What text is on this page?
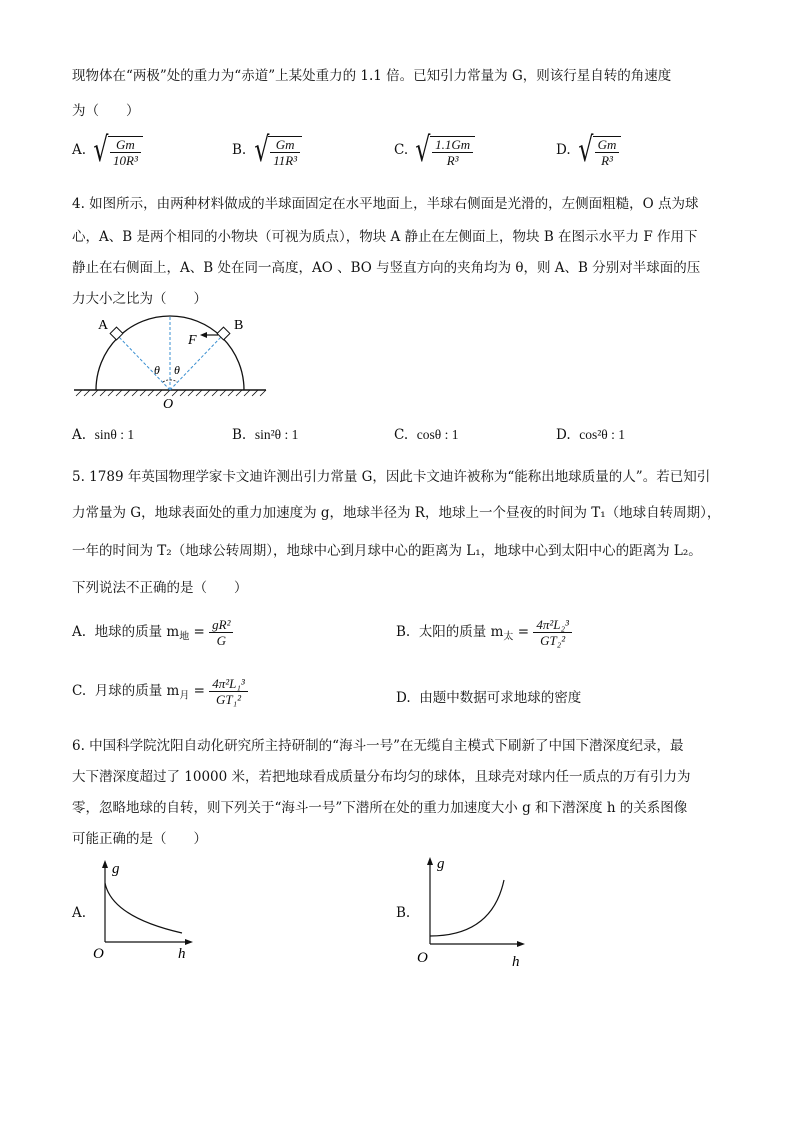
现物体在“两极”处的重力为“赤道”上某处重力的 1.1 倍。已知引力常量为 G，则该行星自转的角速度
为（　　）
A. √ $\frac{Gm}{\text{10R³}}$	B. √ $\frac{Gm}{\text{11R³}}$	C. √ $\frac{1.1Gm}{\text{R³}}$	D. √ $\frac{Gm}{\text{R³}}$
4. 如图所示，由两种材料做成的半球面固定在水平地面上，半球右侧面是光滑的，左侧面粗糙，O 点为球
心，A、B 是两个相同的小物块（可视为质点），物块 A 静止在左侧面上，物块 B 在图示水平力 F 作用下
静止在右侧面上，A、B 处在同一高度，AO 、BO 与竖直方向的夹角均为 θ，则 A、B 分别对半球面的压
力大小之比为（　　）
A	B
F
θ θ
O
A. sinθ : 1	B. sin²θ : 1	C. cosθ : 1	D. cos²θ : 1
5. 1789 年英国物理学家卡文迪许测出引力常量 G，因此卡文迪许被称为“能称出地球质量的人”。若已知引
力常量为 G，地球表面处的重力加速度为 g，地球半径为 R，地球上一个昼夜的时间为 T₁（地球自转周期），
一年的时间为 T₂（地球公转周期），地球中心到月球中心的距离为 L₁，地球中心到太阳中心的距离为 L₂。
下列说法不正确的是（　　）
A. 地球的质量 $m_地 = \frac{\text{gR²}}{G}$	B. 太阳的质量 $m_太 = \frac{\text{4π²L₂³}}{\text{GT₂²}}$
C. 月球的质量 $m_月 = \frac{\text{4π²L₁³}}{\text{GT₁²}}$	D. 由题中数据可求地球的密度
6. 中国科学院沈阳自动化研究所主持研制的“海斗一号”在无缆自主模式下刷新了中国下潜深度纪录，最
大下潜深度超过了 10000 米，若把地球看成质量分布均匀的球体，且球壳对球内任一质点的万有引力为
零，忽略地球的自转，则下列关于“海斗一号”下潜所在处的重力加速度大小 g 和下潜深度 h 的关系图像
可能正确的是（　　）
A.
g
h
O
B.
g
h
O
